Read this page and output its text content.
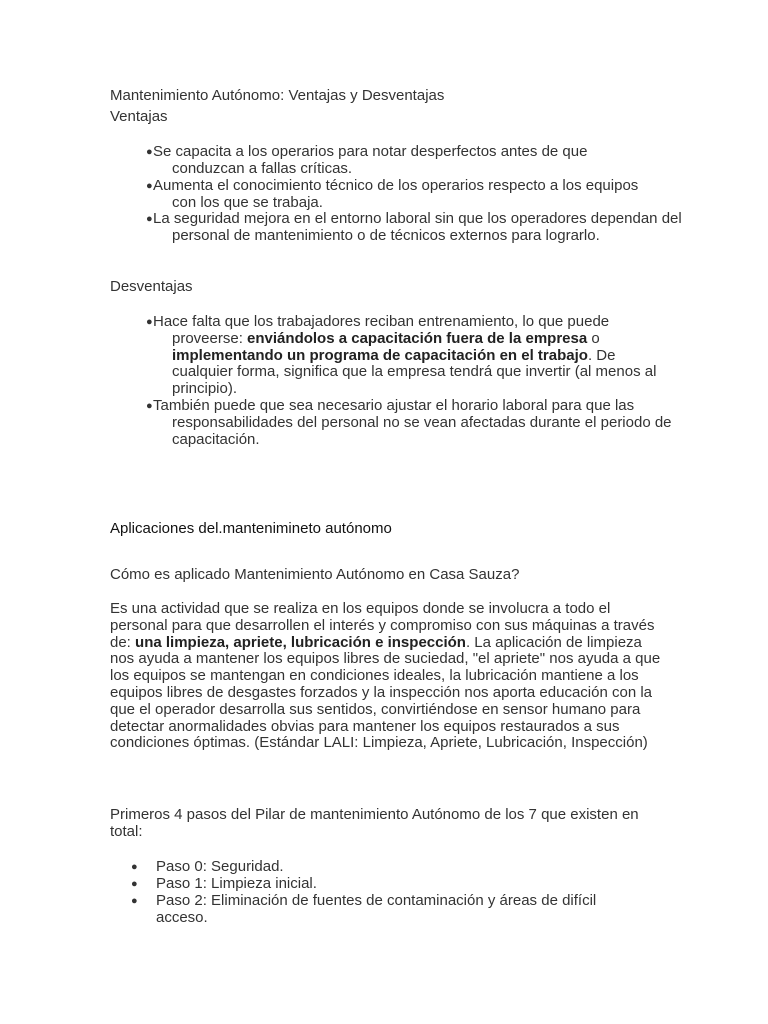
Mantenimiento Autónomo: Ventajas y Desventajas
Ventajas
● Se capacita a los operarios para notar desperfectos antes de que conduzcan a fallas críticas.
● Aumenta el conocimiento técnico de los operarios respecto a los equipos con los que se trabaja.
● La seguridad mejora en el entorno laboral sin que los operadores dependan del personal de mantenimiento o de técnicos externos para lograrlo.
Desventajas
● Hace falta que los trabajadores reciban entrenamiento, lo que puede proveerse: enviándolos a capacitación fuera de la empresa o implementando un programa de capacitación en el trabajo. De cualquier forma, significa que la empresa tendrá que invertir (al menos al principio).
● También puede que sea necesario ajustar el horario laboral para que las responsabilidades del personal no se vean afectadas durante el periodo de capacitación.
Aplicaciones del.mantenimineto autónomo
Cómo es aplicado Mantenimiento Autónomo en Casa Sauza?
Es una actividad que se realiza en los equipos donde se involucra a todo el personal para que desarrollen el interés y compromiso con sus máquinas a través de: una limpieza, apriete, lubricación e inspección. La aplicación de limpieza nos ayuda a mantener los equipos libres de suciedad, "el apriete" nos ayuda a que los equipos se mantengan en condiciones ideales, la lubricación mantiene a los equipos libres de desgastes forzados y la inspección nos aporta educación con la que el operador desarrolla sus sentidos, convirtiéndose en sensor humano para detectar anormalidades obvias para mantener los equipos restaurados a sus condiciones óptimas. (Estándar LALI: Limpieza, Apriete, Lubricación, Inspección)
Primeros 4 pasos del Pilar de mantenimiento Autónomo de los 7 que existen en total:
●	Paso 0: Seguridad.
●	Paso 1: Limpieza inicial.
●	Paso 2: Eliminación de fuentes de contaminación y áreas de difícil acceso.
